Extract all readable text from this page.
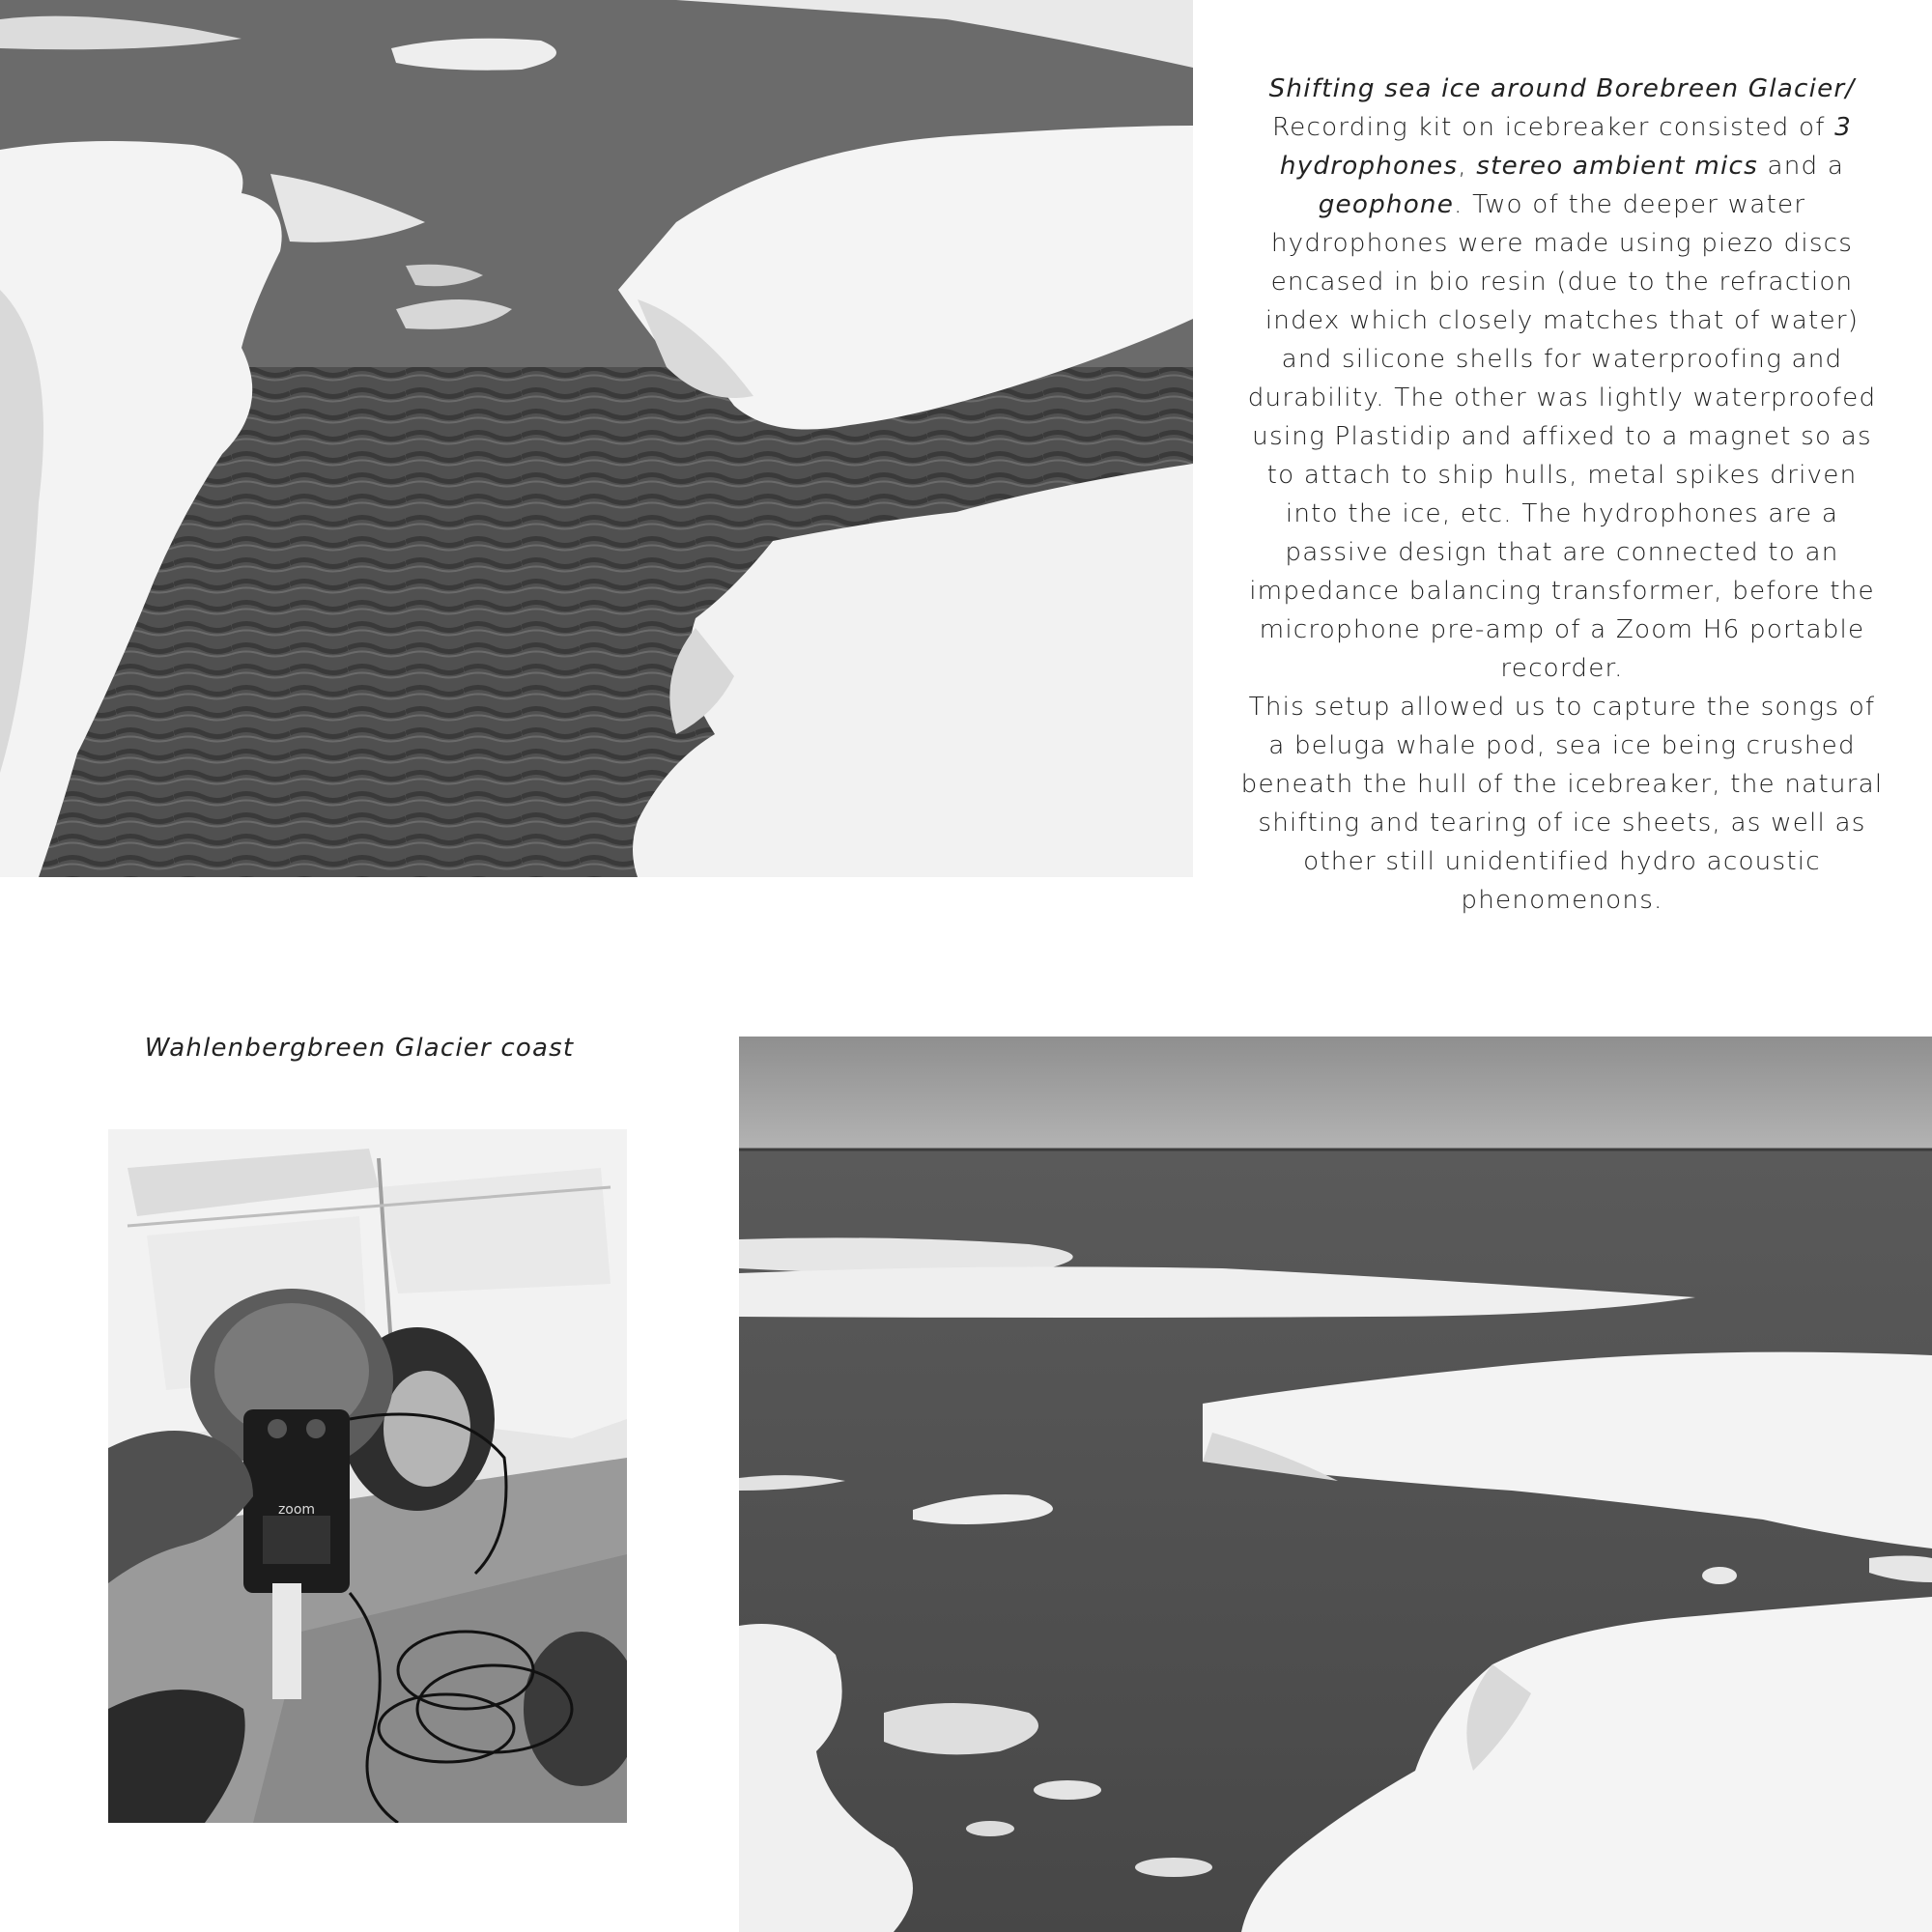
Shifting sea ice around Borebreen Glacier/
Recording kit on icebreaker consisted of 3 hydrophones, stereo ambient mics and a geophone. Two of the deeper water hydrophones were made using piezo discs encased in bio resin (due to the refraction index which closely matches that of water) and silicone shells for waterproofing and durability. The other was lightly waterproofed using Plastidip and affixed to a magnet so as to attach to ship hulls, metal spikes driven into the ice, etc. The hydrophones are a passive design that are connected to an impedance balancing transformer, before the microphone pre-amp of a Zoom H6 portable recorder.

This setup allowed us to capture the songs of a beluga whale pod, sea ice being crushed beneath the hull of the icebreaker, the natural shifting and tearing of ice sheets, as well as other still unidentified hydro acoustic phenomenons.

Wahlenbergbreen Glacier coast
zoom
